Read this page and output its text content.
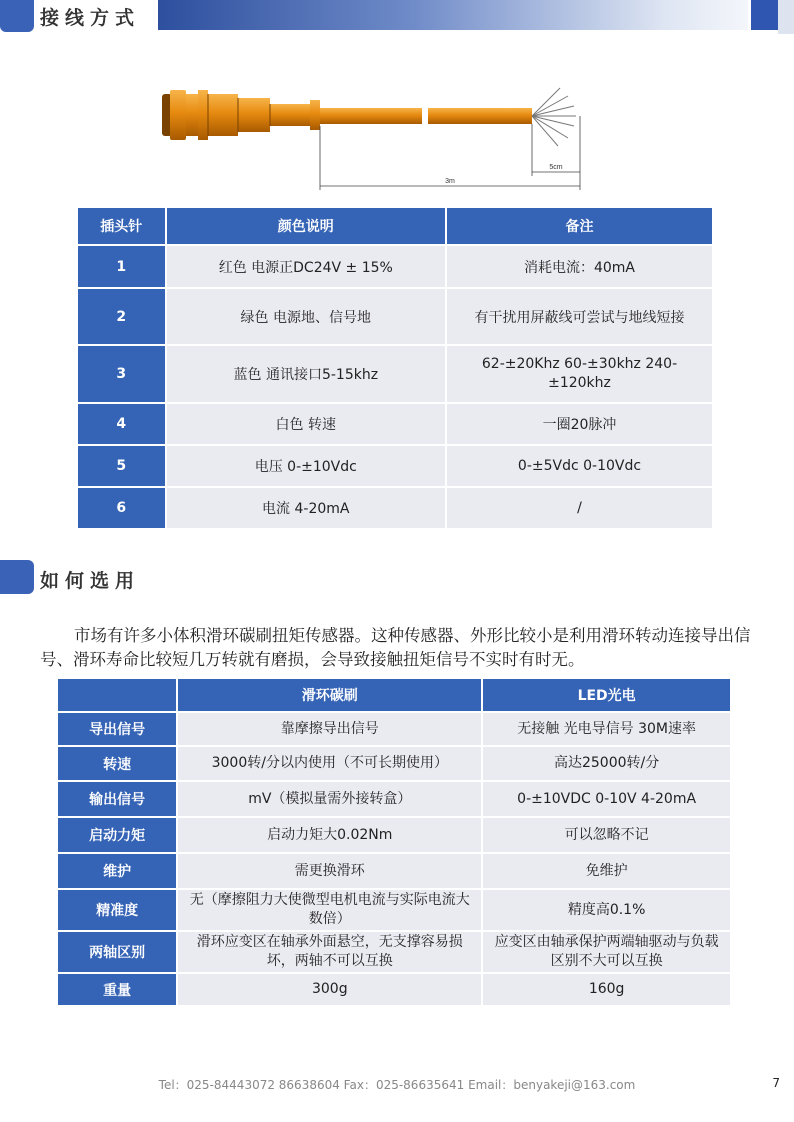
接线方式
3m
5cm
插头针	颜色说明	备注
1	红色 电源正DC24V ± 15%	消耗电流：40mA
2	绿色 电源地、信号地	有干扰用屏蔽线可尝试与地线短接
3	蓝色 通讯接口5-15khz	62-±20Khz 60-±30khz 240-±120khz
4	白色 转速	一圈20脉冲
5	电压 0-±10Vdc	0-±5Vdc 0-10Vdc
6	电流 4-20mA	/
如何选用
市场有许多小体积滑环碳刷扭矩传感器。这种传感器、外形比较小是利用滑环转动连接导出信号、滑环寿命比较短几万转就有磨损，会导致接触扭矩信号不实时有时无。
	滑环碳刷	LED光电
导出信号	靠摩擦导出信号	无接触 光电导信号 30M速率
转速	3000转/分以内使用（不可长期使用）	高达25000转/分
输出信号	mV（模拟量需外接转盒）	0-±10VDC 0-10V 4-20mA
启动力矩	启动力矩大0.02Nm	可以忽略不记
维护	需更换滑环	免维护
精准度	无（摩擦阻力大使微型电机电流与实际电流大数倍）	精度高0.1%
两轴区别	滑环应变区在轴承外面悬空，无支撑容易损坏，两轴不可以互换	应变区由轴承保护两端轴驱动与负载区别不大可以互换
重量	300g	160g
Tel：025-84443072 86638604 Fax：025-86635641 Email：benyakeji@163.com	7
